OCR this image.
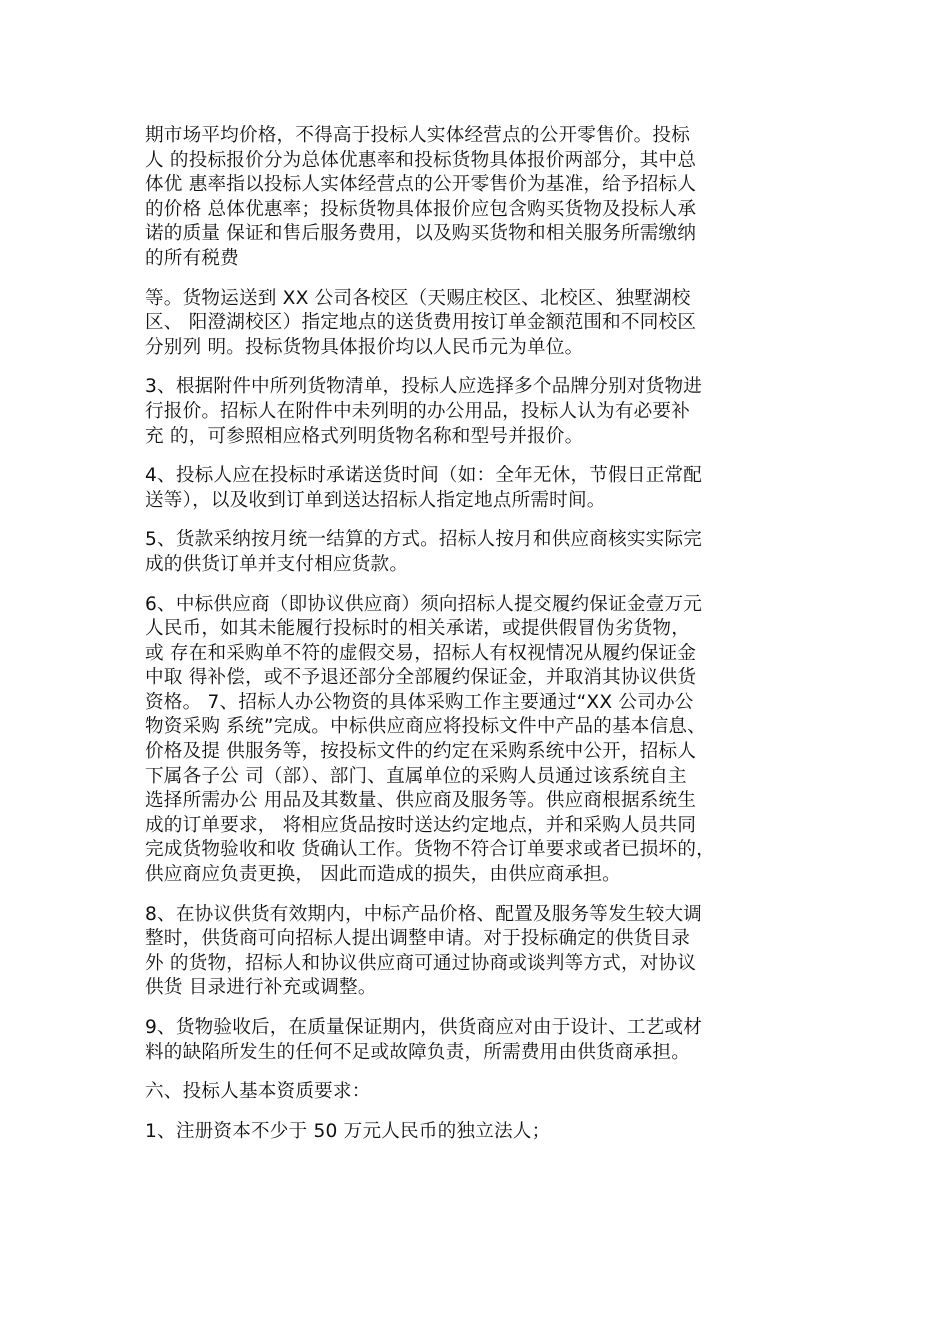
期市场平均价格，不得高于投标人实体经营点的公开零售价。投标
人 的投标报价分为总体优惠率和投标货物具体报价两部分，其中总
体优 惠率指以投标人实体经营点的公开零售价为基准，给予招标人
的价格 总体优惠率；投标货物具体报价应包含购买货物及投标人承
诺的质量 保证和售后服务费用，以及购买货物和相关服务所需缴纳
的所有税费

等。货物运送到 XX 公司各校区（天赐庄校区、北校区、独墅湖校
区、 阳澄湖校区）指定地点的送货费用按订单金额范围和不同校区
分别列 明。投标货物具体报价均以人民币元为单位。

3、根据附件中所列货物清单，投标人应选择多个品牌分别对货物进
行报价。招标人在附件中未列明的办公用品，投标人认为有必要补
充 的，可参照相应格式列明货物名称和型号并报价。

4、投标人应在投标时承诺送货时间（如：全年无休，节假日正常配
送等），以及收到订单到送达招标人指定地点所需时间。

5、货款采纳按月统一结算的方式。招标人按月和供应商核实实际完
成的供货订单并支付相应货款。

6、中标供应商（即协议供应商）须向招标人提交履约保证金壹万元
人民币，如其未能履行投标时的相关承诺，或提供假冒伪劣货物，
或 存在和采购单不符的虚假交易，招标人有权视情况从履约保证金
中取 得补偿，或不予退还部分全部履约保证金，并取消其协议供货
资格。 7、招标人办公物资的具体采购工作主要通过“XX 公司办公
物资采购 系统”完成。中标供应商应将投标文件中产品的基本信息、
价格及提 供服务等，按投标文件的约定在采购系统中公开，招标人
下属各子公 司（部）、部门、直属单位的采购人员通过该系统自主
选择所需办公 用品及其数量、供应商及服务等。供应商根据系统生
成的订单要求， 将相应货品按时送达约定地点，并和采购人员共同
完成货物验收和收 货确认工作。货物不符合订单要求或者已损坏的，
供应商应负责更换， 因此而造成的损失，由供应商承担。

8、在协议供货有效期内，中标产品价格、配置及服务等发生较大调
整时，供货商可向招标人提出调整申请。对于投标确定的供货目录
外 的货物，招标人和协议供应商可通过协商或谈判等方式，对协议
供货 目录进行补充或调整。

9、货物验收后，在质量保证期内，供货商应对由于设计、工艺或材
料的缺陷所发生的任何不足或故障负责，所需费用由供货商承担。

六、投标人基本资质要求：

1、注册资本不少于 50 万元人民币的独立法人；
